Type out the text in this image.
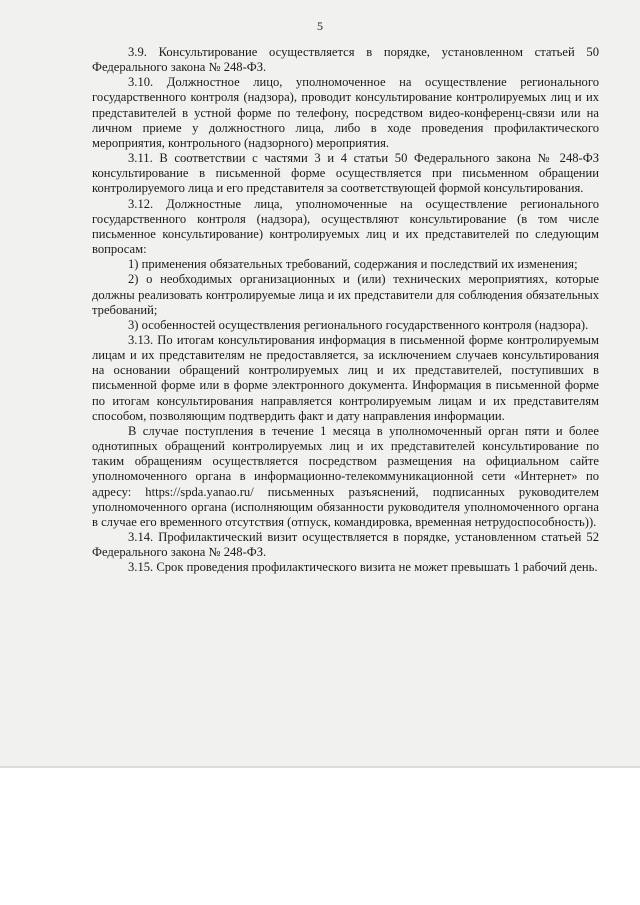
5

3.9. Консультирование осуществляется в порядке, установленном статьей 50 Федерального закона № 248-ФЗ.

3.10. Должностное лицо, уполномоченное на осуществление регионального государственного контроля (надзора), проводит консультирование контролируемых лиц и их представителей в устной форме по телефону, посредством видео-конференц-связи или на личном приеме у должностного лица, либо в ходе проведения профилактического мероприятия, контрольного (надзорного) мероприятия.

3.11. В соответствии с частями 3 и 4 статьи 50 Федерального закона № 248-ФЗ консультирование в письменной форме осуществляется при письменном обращении контролируемого лица и его представителя за соответствующей формой консультирования.

3.12. Должностные лица, уполномоченные на осуществление регионального государственного контроля (надзора), осуществляют консультирование (в том числе письменное консультирование) контролируемых лиц и их представителей по следующим вопросам:

1) применения обязательных требований, содержания и последствий их изменения;

2) о необходимых организационных и (или) технических мероприятиях, которые должны реализовать контролируемые лица и их представители для соблюдения обязательных требований;

3) особенностей осуществления регионального государственного контроля (надзора).

3.13. По итогам консультирования информация в письменной форме контролируемым лицам и их представителям не предоставляется, за исключением случаев консультирования на основании обращений контролируемых лиц и их представителей, поступивших в письменной форме или в форме электронного документа. Информация в письменной форме по итогам консультирования направляется контролируемым лицам и их представителям способом, позволяющим подтвердить факт и дату направления информации.

В случае поступления в течение 1 месяца в уполномоченный орган пяти и более однотипных обращений контролируемых лиц и их представителей консультирование по таким обращениям осуществляется посредством размещения на официальном сайте уполномоченного органа в информационно-телекоммуникационной сети «Интернет» по адресу: https://spda.yanao.ru/ письменных разъяснений, подписанных руководителем уполномоченного органа (исполняющим обязанности руководителя уполномоченного органа в случае его временного отсутствия (отпуск, командировка, временная нетрудоспособность)).

3.14. Профилактический визит осуществляется в порядке, установленном статьей 52 Федерального закона № 248-ФЗ.

3.15. Срок проведения профилактического визита не может превышать 1 рабочий день.
